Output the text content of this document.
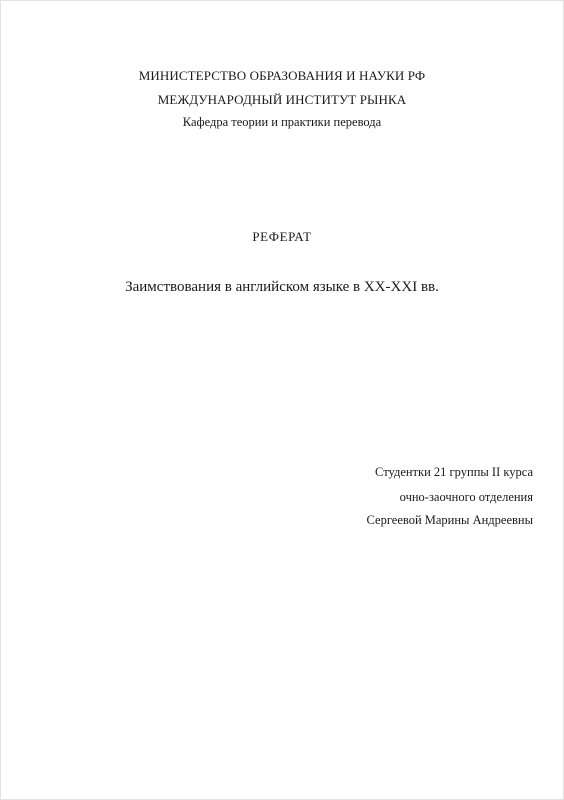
МИНИСТЕРСТВО ОБРАЗОВАНИЯ И НАУКИ РФ
МЕЖДУНАРОДНЫЙ ИНСТИТУТ РЫНКА
Кафедра теории и практики перевода
РЕФЕРАТ
Заимствования в английском языке в XX-XXI вв.
Студентки 21 группы II курса
очно-заочного отделения
Сергеевой Марины Андреевны
